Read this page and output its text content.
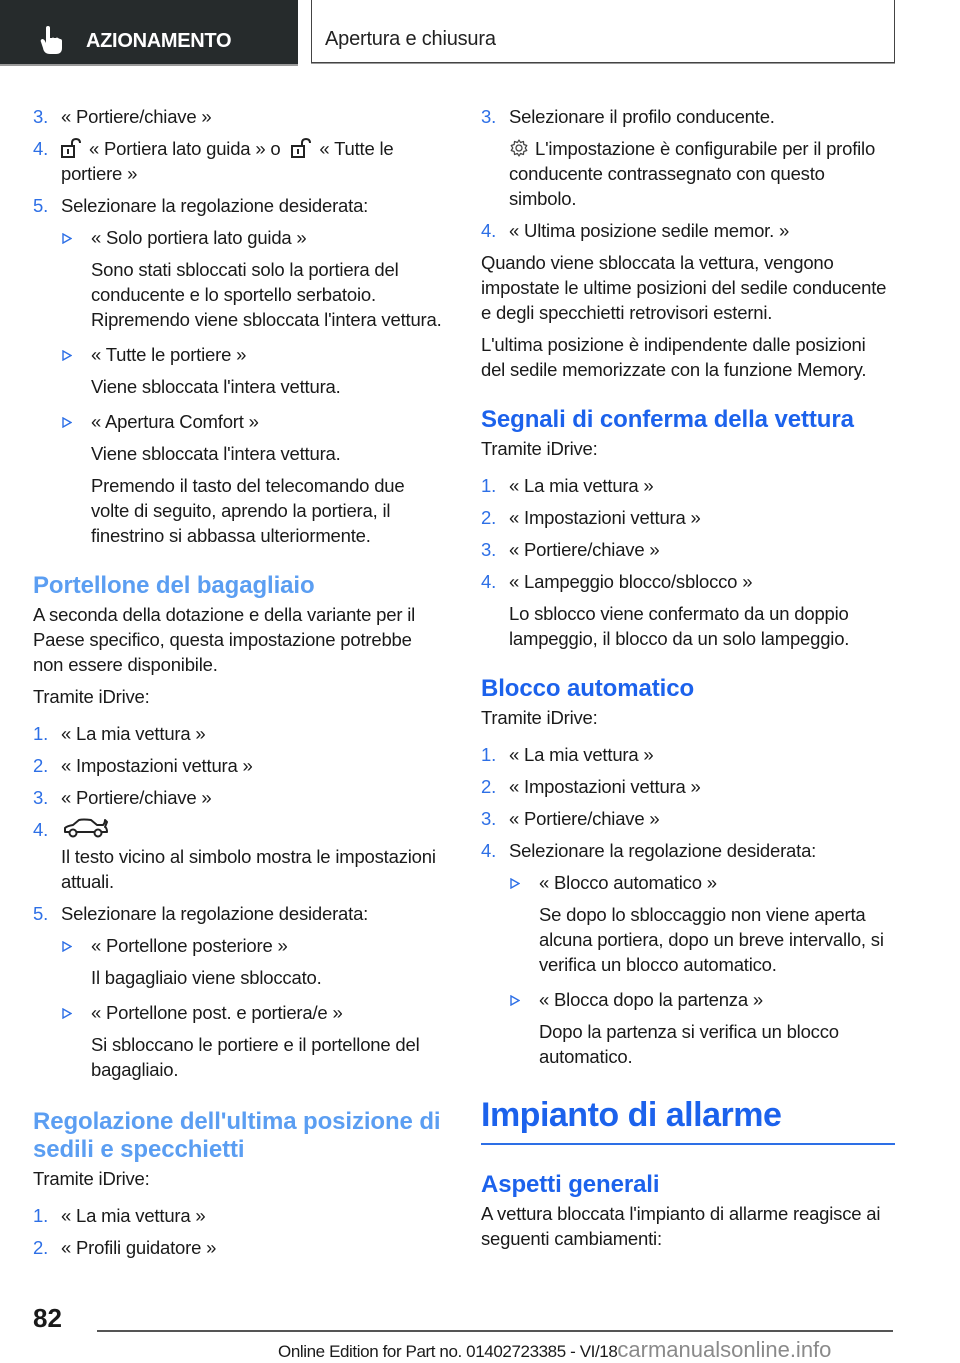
AZIONAMENTO	Apertura e chiusura
3. « Portiere/chiave »

4.	« Portiera lato guida » o « Tutte le portiere »

5. Selezionare la regolazione desiderata:

« Solo portiera lato guida »

Sono stati sbloccati solo la portiera del conducente e lo sportello serbatoio. Ripremendo viene sbloccata l'intera vettura.

« Tutte le portiere »

Viene sbloccata l'intera vettura.

« Apertura Comfort »

Viene sbloccata l'intera vettura.

Premendo il tasto del telecomando due volte di seguito, aprendo la portiera, il finestrino si abbassa ulteriormente.

Portellone del bagagliaio

A seconda della dotazione e della variante per il Paese specifico, questa impostazione potrebbe non essere disponibile.

Tramite iDrive:

1. « La mia vettura »

2. « Impostazioni vettura »

3. « Portiere/chiave »

4.

Il testo vicino al simbolo mostra le impostazioni attuali.

5. Selezionare la regolazione desiderata:

« Portellone posteriore »

Il bagagliaio viene sbloccato.

« Portellone post. e portiera/e »

Si sbloccano le portiere e il portellone del bagagliaio.

Regolazione dell'ultima posizione di sedili e specchietti

Tramite iDrive:

1. « La mia vettura »

2. « Profili guidatore »

3. Selezionare il profilo conducente.

L'impostazione è configurabile per il profilo conducente contrassegnato con questo simbolo.

4. « Ultima posizione sedile memor. »

Quando viene sbloccata la vettura, vengono impostate le ultime posizioni del sedile conducente e degli specchietti retrovisori esterni.

L'ultima posizione è indipendente dalle posizioni del sedile memorizzate con la funzione Memory.

Segnali di conferma della vettura

Tramite iDrive:

1. « La mia vettura »

2. « Impostazioni vettura »

3. « Portiere/chiave »

4. « Lampeggio blocco/sblocco »

Lo sblocco viene confermato da un doppio lampeggio, il blocco da un solo lampeggio.

Blocco automatico

Tramite iDrive:

1. « La mia vettura »

2. « Impostazioni vettura »

3. « Portiere/chiave »

4. Selezionare la regolazione desiderata:

« Blocco automatico »

Se dopo lo sbloccaggio non viene aperta alcuna portiera, dopo un breve intervallo, si verifica un blocco automatico.

« Blocca dopo la partenza »

Dopo la partenza si verifica un blocco automatico.

Impianto di allarme
Aspetti generali

A vettura bloccata l'impianto di allarme reagisce ai seguenti cambiamenti:

82
Online Edition for Part no. 01402723385 - VI/18carmanualsonline.info
